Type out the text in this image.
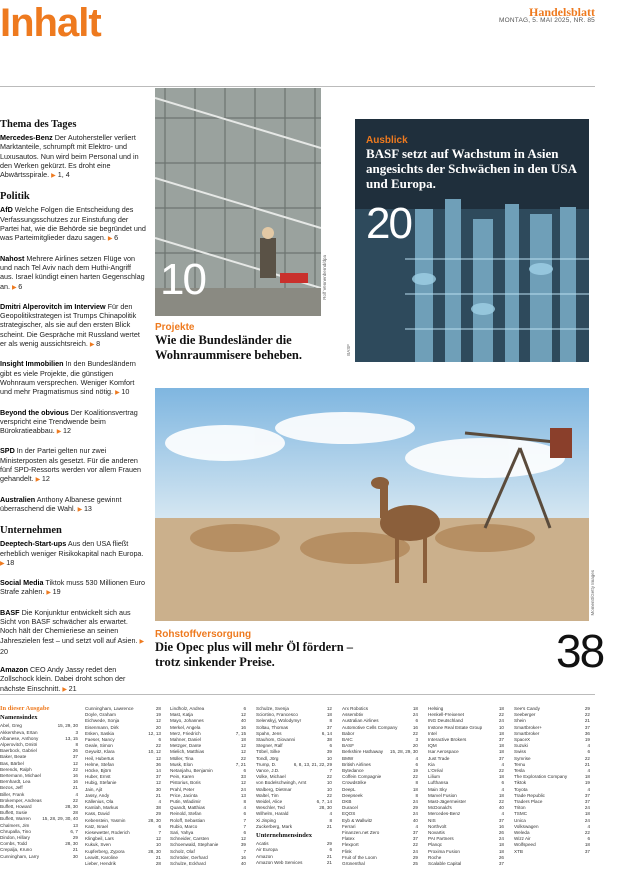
Inhalt	Handelsblatt
MONTAG, 5. MAI 2025, NR. 85
Thema des Tages
Mercedes-Benz Der Autohersteller verliert Marktanteile, schrumpft mit Elektro- und Luxusautos. Nun wird beim Personal und in den Werken gekürzt. Es droht eine Abwärtsspirale. ▶ 1, 4
Politik
AfD Welche Folgen die Entscheidung des Verfassungsschutzes zur Einstufung der Partei hat, wie die Behörde sie begründet und was Parteimitglieder dazu sagen. ▶ 6
Nahost Mehrere Airlines setzen Flüge von und nach Tel Aviv nach dem Huthi-Angriff aus. Israel kündigt einen harten Gegenschlag an. ▶ 6
Dmitri Alperovitch im Interview Für den Geopolitikstrategen ist Trumps Chinapolitik strategischer, als sie auf den ersten Blick scheint. Die Gespräche mit Russland wertet er als wenig aussichtsreich. ▶ 8
Insight Immobilien In den Bundesländern gibt es viele Projekte, die günstigen Wohnraum versprechen. Weniger Komfort und mehr Pragmatismus sind nötig. ▶ 10
Beyond the obvious Der Koalitionsvertrag verspricht eine Trendwende beim Bürokratieabbau. ▶ 12
SPD In der Partei gelten nur zwei Ministerposten als gesetzt. Für die anderen fünf SPD-Ressorts werden vor allem Frauen gehandelt. ▶ 12
Australien Anthony Albanese gewinnt überraschend die Wahl. ▶ 13
Unternehmen
Deeptech-Start-ups Aus den USA fließt erheblich weniger Risikokapital nach Europa. ▶ 18
Social Media Tiktok muss 530 Millionen Euro Strafe zahlen. ▶ 19
BASF Die Konjunktur entwickelt sich aus Sicht von BASF schwächer als erwartet. Noch hält der Chemieriese an seinen Jahreszielen fest – und setzt voll auf Asien. ▶ 20
Amazon CEO Andy Jassy redet den Zollschock klein. Dabei droht schon der nächste Einschnitt. ▶ 21
10	Rolf Vennenbernd/dpa
Ausblick
BASF setzt auf Wachstum in Asien angesichts der Schwächen in den USA und Europa.
20
BASF
Projekte
Wie die Bundesländer die Wohnraummisere beheben.
Momentt/Getty Images
Rohstoffversorgung
Die Opec plus will mehr Öl fördern – trotz sinkender Preise.	38
In dieser Ausgabe
Namensindex
Abel, Greg	15, 29, 30
Akkersheva, Ertan	3
Albanese, Anthony	13, 15
Alperovitch, Dmitri	8
Baerbock, Gabriel	26
Baker, Beate	37
Bas, Bärbel	12
Berends, Ralph	22
Bertemann, Michael	16
Bernhardt, Lea	16
Bezos, Jeff	21
Biller, Frank	4
Brokemper, Andreas	22
Buffett, Howard	28, 30
Buffett, Susie	28
Buffett, Warren	15, 28, 29, 30, 40
Chalmers, Jim	13
Chrupalla, Tino	6, 7
Dindon, Hillary	29
Combs, Todd	28, 30
Crepalja, Kruno	21
Cunningham, Larry	30
Cunningham, Lawrence	28
Doyle, Graham	19
Eichwede, Sonja	12
Eisenmann, Dirk	20
Esken, Saskia	12, 13
Faeser, Nancy	6
Geale, Simon	22
Geywitz, Klara	10, 12
Heil, Hubertus	12
Helme, Stefan	36
Höcke, Björn	14
Huber, Ernst	37
Hubig, Stefanie	12
Jain, Ajit	30
Jassy, Andy	21
Källenius, Ola	4
Kamlah, Markus	38
Kass, David	29
Kebenstein, Yasmin	28, 30
Katz, Israel	6
Kiesewetter, Roderich	7
Klingbeil, Lars	12
Kukuk, Sven	10
Kupferberg, Zypora	28, 30
Leavitt, Karoline	21
Lieber, Hendrik	28
Lindholz, Andrea	6
Mast, Katja	12
Mayo, Johannes	40
Merkel, Angela	16
Merz, Friedrich	7, 15
Mahner, Daniel	18
Metzger, Dante	12
Mielich, Matthias	12
Müller, Tina	22
Musk, Elon	7, 21
Netanjahu, Benjamin	6
Pein, Karen	33
Pistorius, Boris	12
Prahl, Peter	24
Price, Jacinta	13
Putin, Wladimir	8
Quandt, Matthias	4
Reinold, Stefan	6
Roloff, Sebastian	7
Rubio, Marco	7
Sari, Yahya	6
Schneider, Carsten	12
Schoenwald, Stephanie	39
Scholz, Olaf	7
Schröder, Gerhard	16
Schulze, Eckhard	40
Schulze, Svenja	12
Sciortino, Francesco	18
Selenskyj, Wolodymyr	8
Soltau, Thomas	37
Spahn, Jens	6, 14
Stauhom, Giovanni	38
Stegner, Ralf	6
Töbel, Silke	39
Tondl, Jörg	10
Trump, D.	6, 8, 13, 21, 22, 29
Vance, J.D.	7
Volke, Michael	22
von Bodelschwingh, Arnt	10
Walberg, Dietmar	10
Waltel, Tim	22
Weidel, Alice	6, 7, 14
Weschler, Ted	28, 30
Wilhelm, Harald	4
Xi Jinping	8
Zuckerberg, Mark	21
Unternehmensindex
Acatis	29
Air Europa	6
Amazon	21
Amazon Web Services	21
Arx Robotics	18
Assembtiv	24
Australian Airlines	6
Automotive Cells Company	16
Babor	22
BAIC	3
BASF	20
Berkshire Hathaway 15, 28, 29, 30
BMW	4
British Airlines	6
Bytedance	19
Coffein Compagnie	22
Crowdstrike	8
DeepL	18
Deepseek	8
DKB	24
Duracel	29
EQOS	24
Eyb & Wallwitz	40
Ferrari	4
Finanzen.net Zero	37
Flatex	37
Flexport	22
Flink	24
Fruit of the Loom	29
Grünenthal	25
Helsing	18
Henkell-Freixenet	22
ING Deutschland	24
Instone Real Estate Group	10
Intel	18
Interactive Brokers	37
IQM	18
Isar Aerospace	18
Just Trade	37
Kia	4
L'Oréal	22
Lilium	18
Lufthansa	6
Main Sky	4
Marvel Fusion	18
Mast-Jägermeister	22
McDonald's	40
Mercedes-Benz	4
NIS	37
Northvolt	16
Novartis	26
PAI Partners	24
Planqc	18
Proxima Fusion	18
Roche	26
Scalable Capital	37
See's Candy	29
Seeberger	22
Shein	21
Smartbroker+	37
Smartbroker	36
SpaceX	19
Suzuki	4
Swiss	6
Symrise	22
Temu	21
Tesla	4
The Exploration Company	18
Tiktok	19
Toyota	4
Trade Republic	37
Traders Place	37
Triton	24
TSMC	18
Unica	24
Volkswagen	4
Weleda	22
Wizz Air	6
Wolfspeed	18
XTB	37
